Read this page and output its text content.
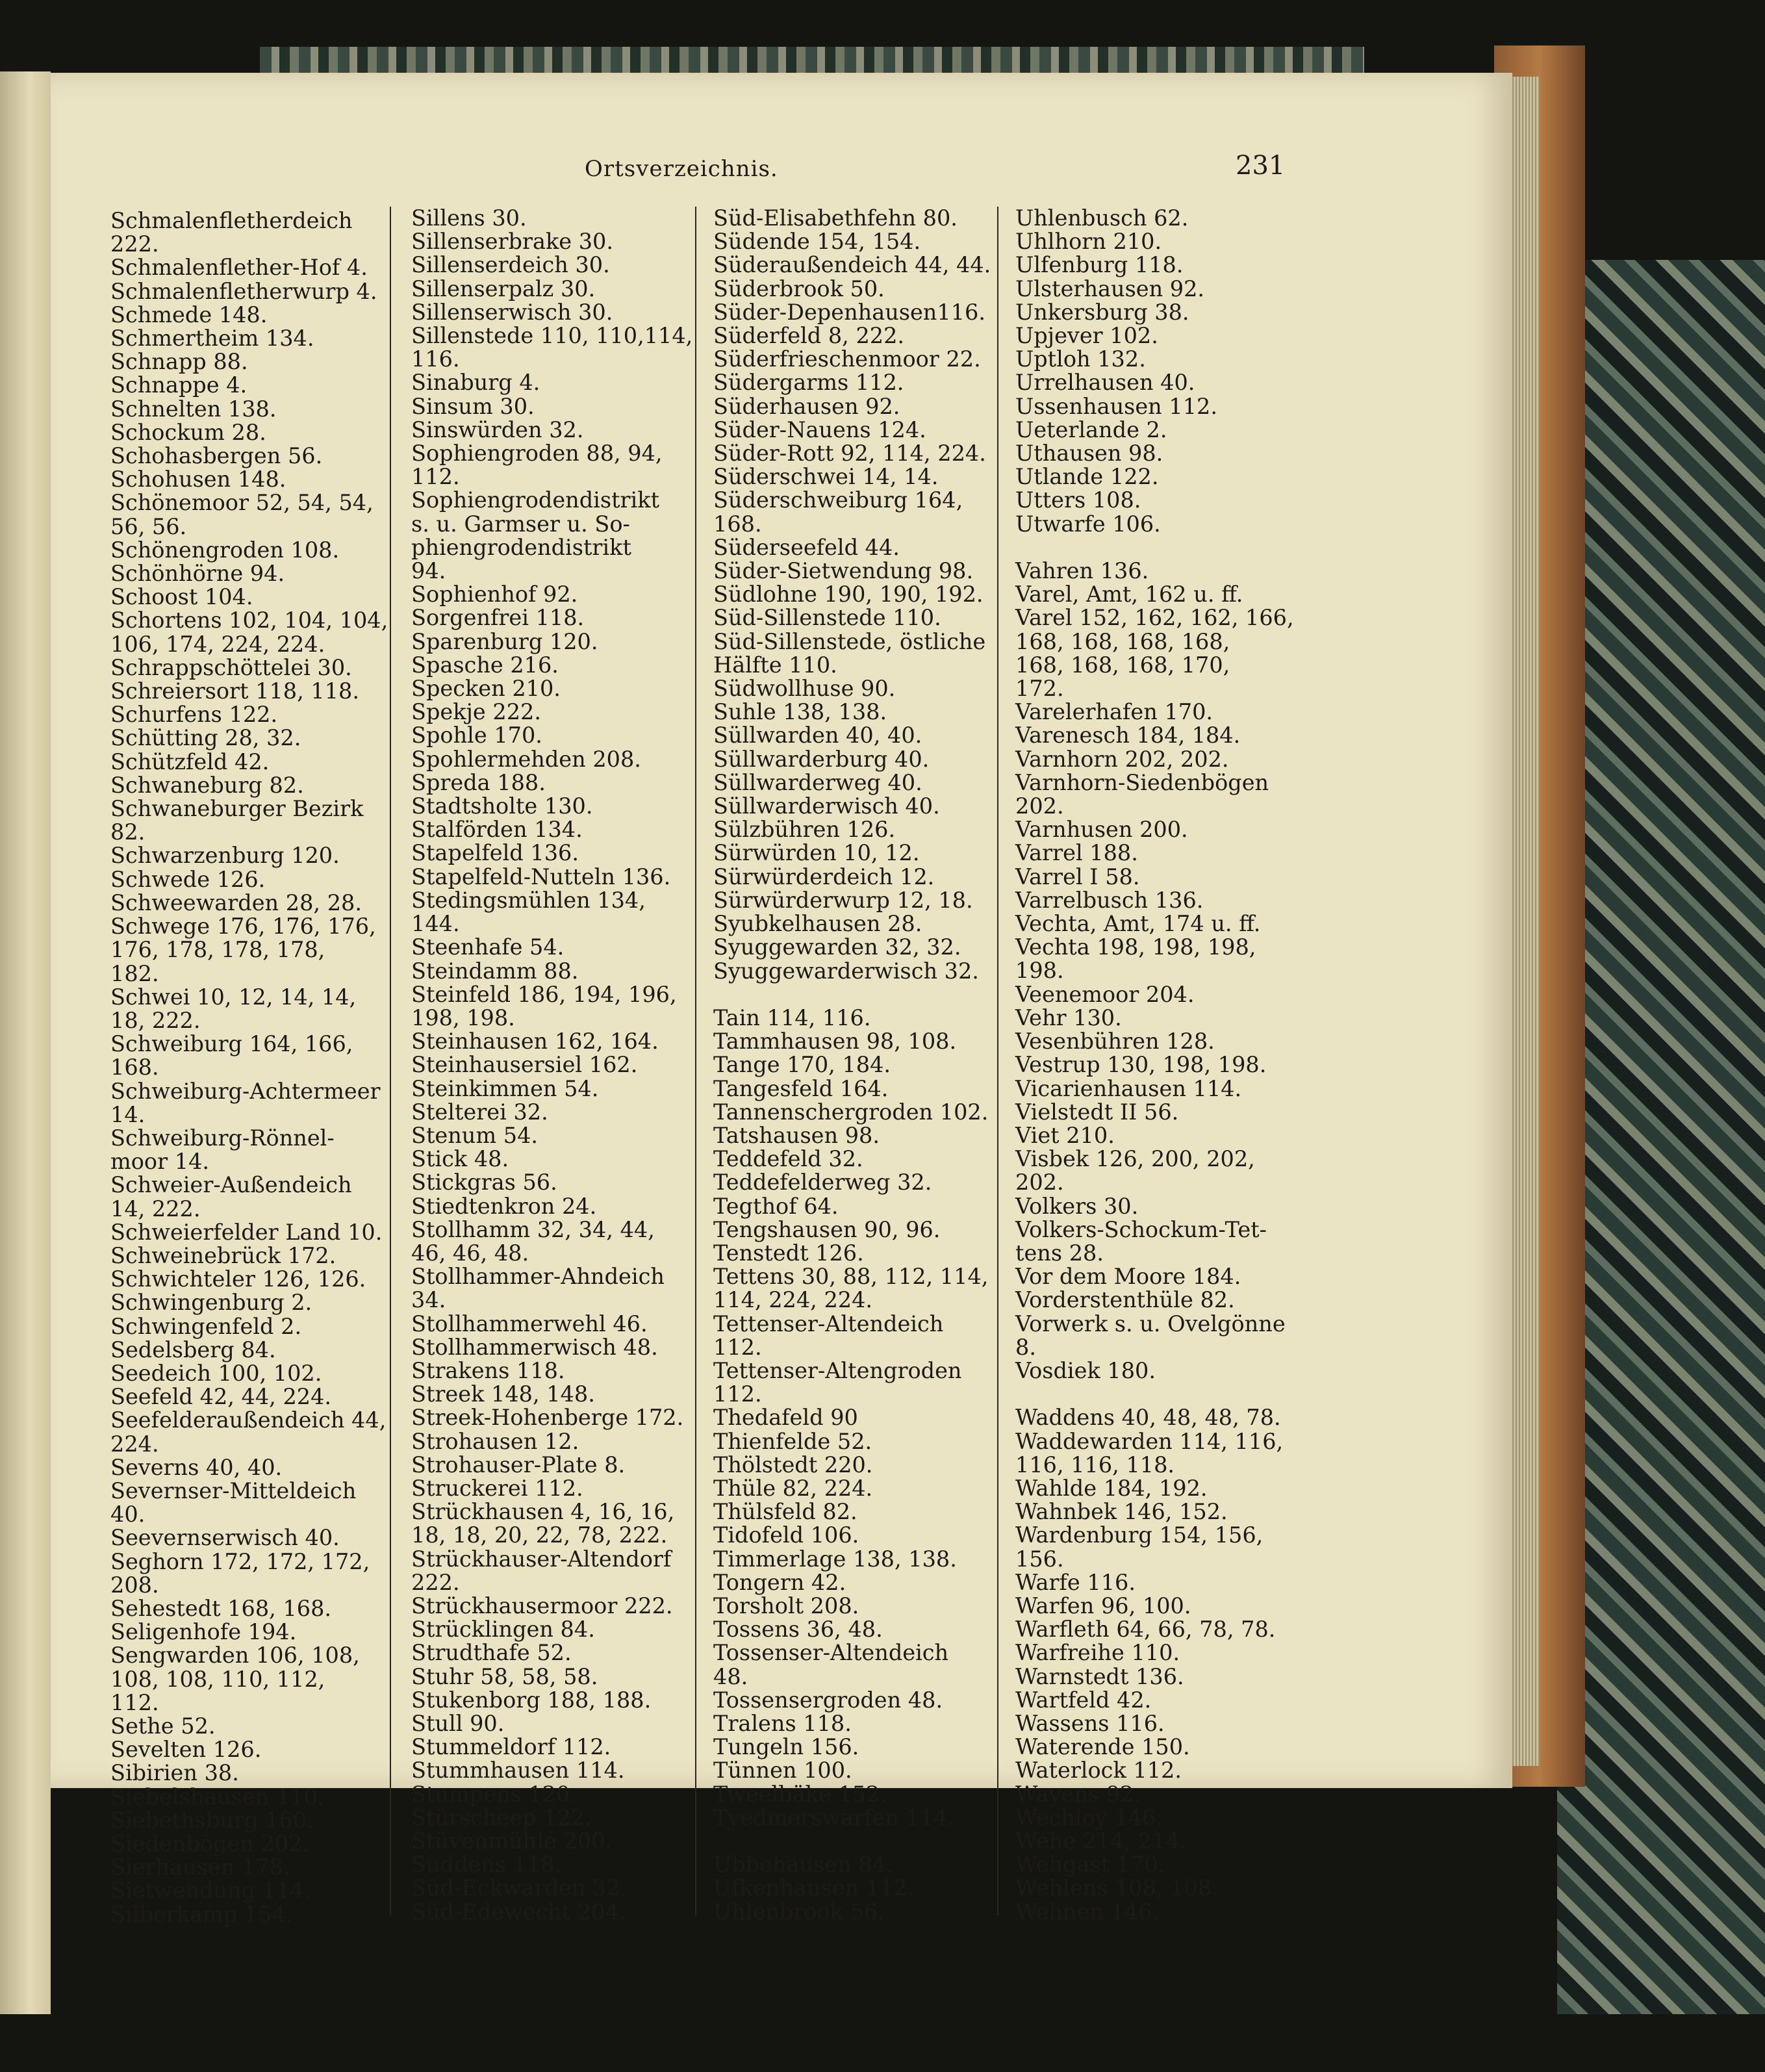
Ortsverzeichnis.	231
Schmalenfletherdeich
222.
Schmalenflether-Hof 4.
Schmalenfletherwurp 4.
Schmede 148.
Schmertheim 134.
Schnapp 88.
Schnappe 4.
Schnelten 138.
Schockum 28.
Schohasbergen 56.
Schohusen 148.
Schönemoor 52, 54, 54,
56, 56.
Schönengroden 108.
Schönhörne 94.
Schoost 104.
Schortens 102, 104, 104,
106, 174, 224, 224.
Schrappschöttelei 30.
Schreiersort 118, 118.
Schurfens 122.
Schütting 28, 32.
Schützfeld 42.
Schwaneburg 82.
Schwaneburger Bezirk
82.
Schwarzenburg 120.
Schwede 126.
Schweewarden 28, 28.
Schwege 176, 176, 176,
176, 178, 178, 178,
182.
Schwei 10, 12, 14, 14,
18, 222.
Schweiburg 164, 166,
168.
Schweiburg-Achtermeer
14.
Schweiburg-Rönnel-
moor 14.
Schweier-Außendeich
14, 222.
Schweierfelder Land 10.
Schweinebrück 172.
Schwichteler 126, 126.
Schwingenburg 2.
Schwingenfeld 2.
Sedelsberg 84.
Seedeich 100, 102.
Seefeld 42, 44, 224.
Seefelderaußendeich 44,
224.
Severns 40, 40.
Severnser-Mitteldeich
40.
Seevernserwisch 40.
Seghorn 172, 172, 172,
208.
Sehestedt 168, 168.
Seligenhofe 194.
Sengwarden 106, 108,
108, 108, 110, 112,
112.
Sethe 52.
Sevelten 126.
Sibirien 38.
Siebelshausen 110.
Siebethsburg 160.
Siedenbögen 202.
Sierhausen 178.
Sietwendung 114.
Silberkamp 154.
Sillens 30.
Sillenserbrake 30.
Sillenserdeich 30.
Sillenserpalz 30.
Sillenserwisch 30.
Sillenstede 110, 110,114,
116.
Sinaburg 4.
Sinsum 30.
Sinswürden 32.
Sophiengroden 88, 94,
112.
Sophiengrodendistrikt
s. u. Garmser u. So-
phiengrodendistrikt
94.
Sophienhof 92.
Sorgenfrei 118.
Sparenburg 120.
Spasche 216.
Specken 210.
Spekje 222.
Spohle 170.
Spohlermehden 208.
Spreda 188.
Stadtsholte 130.
Stalförden 134.
Stapelfeld 136.
Stapelfeld-Nutteln 136.
Stedingsmühlen 134,
144.
Steenhafe 54.
Steindamm 88.
Steinfeld 186, 194, 196,
198, 198.
Steinhausen 162, 164.
Steinhausersiel 162.
Steinkimmen 54.
Stelterei 32.
Stenum 54.
Stick 48.
Stickgras 56.
Stiedtenkron 24.
Stollhamm 32, 34, 44,
46, 46, 48.
Stollhammer-Ahndeich
34.
Stollhammerwehl 46.
Stollhammerwisch 48.
Strakens 118.
Streek 148, 148.
Streek-Hohenberge 172.
Strohausen 12.
Strohauser-Plate 8.
Struckerei 112.
Strückhausen 4, 16, 16,
18, 18, 20, 22, 78, 222.
Strückhauser-Altendorf
222.
Strückhausermoor 222.
Strücklingen 84.
Strudthafe 52.
Stuhr 58, 58, 58.
Stukenborg 188, 188.
Stull 90.
Stummeldorf 112.
Stummhausen 114.
Stumpens 120.
Stürscheep 122.
Stüvenmühle 200.
Suddens 118.
Süd-Eckwarden 32.
Süd-Edewecht 204.
Süd-Elisabethfehn 80.
Südende 154, 154.
Süderaußendeich 44, 44.
Süderbrook 50.
Süder-Depenhausen116.
Süderfeld 8, 222.
Süderfrieschenmoor 22.
Südergarms 112.
Süderhausen 92.
Süder-Nauens 124.
Süder-Rott 92, 114, 224.
Süderschwei 14, 14.
Süderschweiburg 164,
168.
Süderseefeld 44.
Süder-Sietwendung 98.
Südlohne 190, 190, 192.
Süd-Sillenstede 110.
Süd-Sillenstede, östliche
Hälfte 110.
Südwollhuse 90.
Suhle 138, 138.
Süllwarden 40, 40.
Süllwarderburg 40.
Süllwarderweg 40.
Süllwarderwisch 40.
Sülzbühren 126.
Sürwürden 10, 12.
Sürwürderdeich 12.
Sürwürderwurp 12, 18.
Syubkelhausen 28.
Syuggewarden 32, 32.
Syuggewarderwisch 32.
Tain 114, 116.
Tammhausen 98, 108.
Tange 170, 184.
Tangesfeld 164.
Tannenschergroden 102.
Tatshausen 98.
Teddefeld 32.
Teddefelderweg 32.
Tegthof 64.
Tengshausen 90, 96.
Tenstedt 126.
Tettens 30, 88, 112, 114,
114, 224, 224.
Tettenser-Altendeich
112.
Tettenser-Altengroden
112.
Thedafeld 90
Thienfelde 52.
Thölstedt 220.
Thüle 82, 224.
Thülsfeld 82.
Tidofeld 106.
Timmerlage 138, 138.
Tongern 42.
Torsholt 208.
Tossens 36, 48.
Tossenser-Altendeich
48.
Tossensergroden 48.
Tralens 118.
Tungeln 156.
Tünnen 100.
Tweelbäke 152.
Tyedmerswarfen 114.
Ubbehausen 84.
Ufkenhausen 112.
Uhlenbrook 56.
Uhlenbusch 62.
Uhlhorn 210.
Ulfenburg 118.
Ulsterhausen 92.
Unkersburg 38.
Upjever 102.
Uptloh 132.
Urrelhausen 40.
Ussenhausen 112.
Ueterlande 2.
Uthausen 98.
Utlande 122.
Utters 108.
Utwarfe 106.
Vahren 136.
Varel, Amt, 162 u. ff.
Varel 152, 162, 162, 166,
168, 168, 168, 168,
168, 168, 168, 170,
172.
Varelerhafen 170.
Varenesch 184, 184.
Varnhorn 202, 202.
Varnhorn-Siedenbögen
202.
Varnhusen 200.
Varrel 188.
Varrel I 58.
Varrelbusch 136.
Vechta, Amt, 174 u. ff.
Vechta 198, 198, 198,
198.
Veenemoor 204.
Vehr 130.
Vesenbühren 128.
Vestrup 130, 198, 198.
Vicarienhausen 114.
Vielstedt II 56.
Viet 210.
Visbek 126, 200, 202,
202.
Volkers 30.
Volkers-Schockum-Tet-
tens 28.
Vor dem Moore 184.
Vorderstenthüle 82.
Vorwerk s. u. Ovelgönne
8.
Vosdiek 180.
Waddens 40, 48, 48, 78.
Waddewarden 114, 116,
116, 116, 118.
Wahlde 184, 192.
Wahnbek 146, 152.
Wardenburg 154, 156,
156.
Warfe 116.
Warfen 96, 100.
Warfleth 64, 66, 78, 78.
Warfreihe 110.
Warnstedt 136.
Wartfeld 42.
Wassens 116.
Waterende 150.
Waterlock 112.
Wayens 92.
Wechloy 146.
Wehe 214, 214.
Wehgast 170.
Wehlens 108, 108.
Wehnen 146.
